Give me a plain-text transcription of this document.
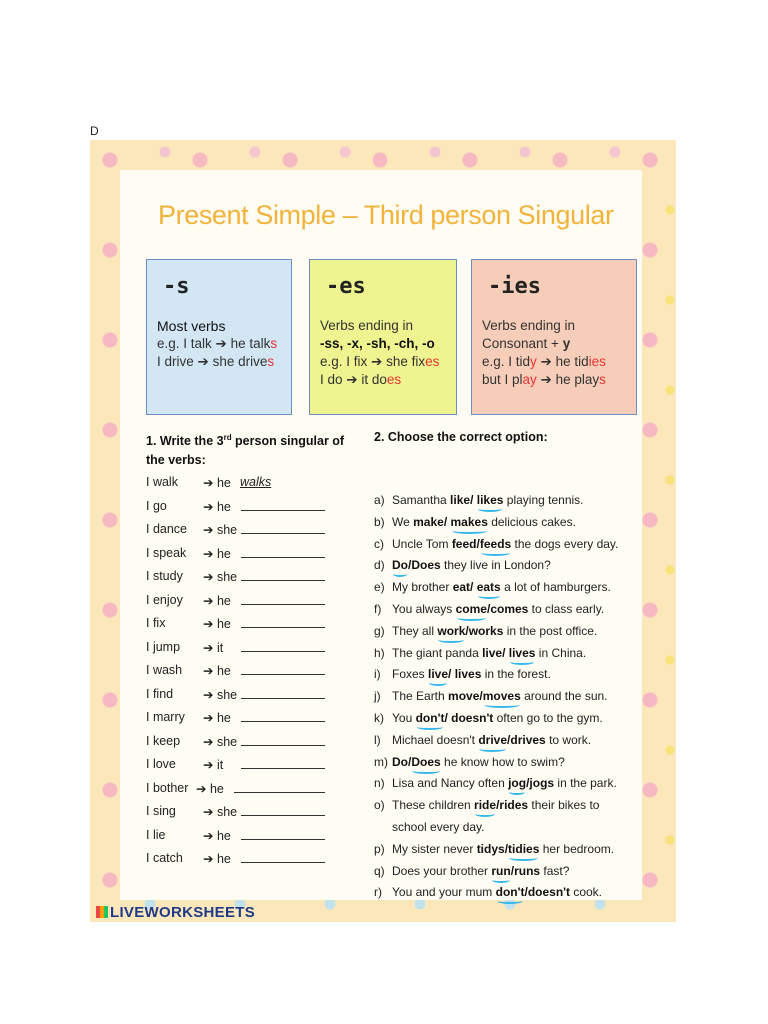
D
Present Simple – Third person Singular
-s
Most verbs
e.g. I talk ➔ he talks
I drive ➔ she drives
-es
Verbs ending in
-ss, -x, -sh, -ch, -o
e.g. I fix ➔ she fixes
I do ➔ it does
-ies
Verbs ending in
Consonant + y
e.g. I tidy ➔ he tidies
but I play ➔ he plays
1. Write the 3rd person singular of the verbs:
2. Choose the correct option:
I walk ➔ he walks
I go	➔ he
I dance ➔ she
I speak ➔ he
I study ➔ she
I enjoy ➔ he
I fix	➔ he
I jump ➔ it
I wash ➔ he
I find ➔ she
I marry ➔ he
I keep ➔ she
I love ➔ it
I bother ➔ he
I sing ➔ she
I lie	➔ he
I catch ➔ he
a) Samantha like/ likes playing tennis.
b) We make/ makes delicious cakes.
c) Uncle Tom feed/feeds the dogs every day.
d) Do/Does they live in London?
e) My brother eat/ eats a lot of hamburgers.
f) You always come/comes to class early.
g) They all work/works in the post office.
h) The giant panda live/ lives in China.
i) Foxes live/ lives in the forest.
j) The Earth move/moves around the sun.
k) You don't/ doesn't often go to the gym.
l) Michael doesn't drive/drives to work.
m) Do/Does he know how to swim?
n) Lisa and Nancy often jog/jogs in the park.
o) These children ride/rides their bikes to
school every day.
p) My sister never tidys/tidies her bedroom.
q) Does your brother run/runs fast?
r) You and your mum don't/doesn't cook.
LIVEWORKSHEETS
